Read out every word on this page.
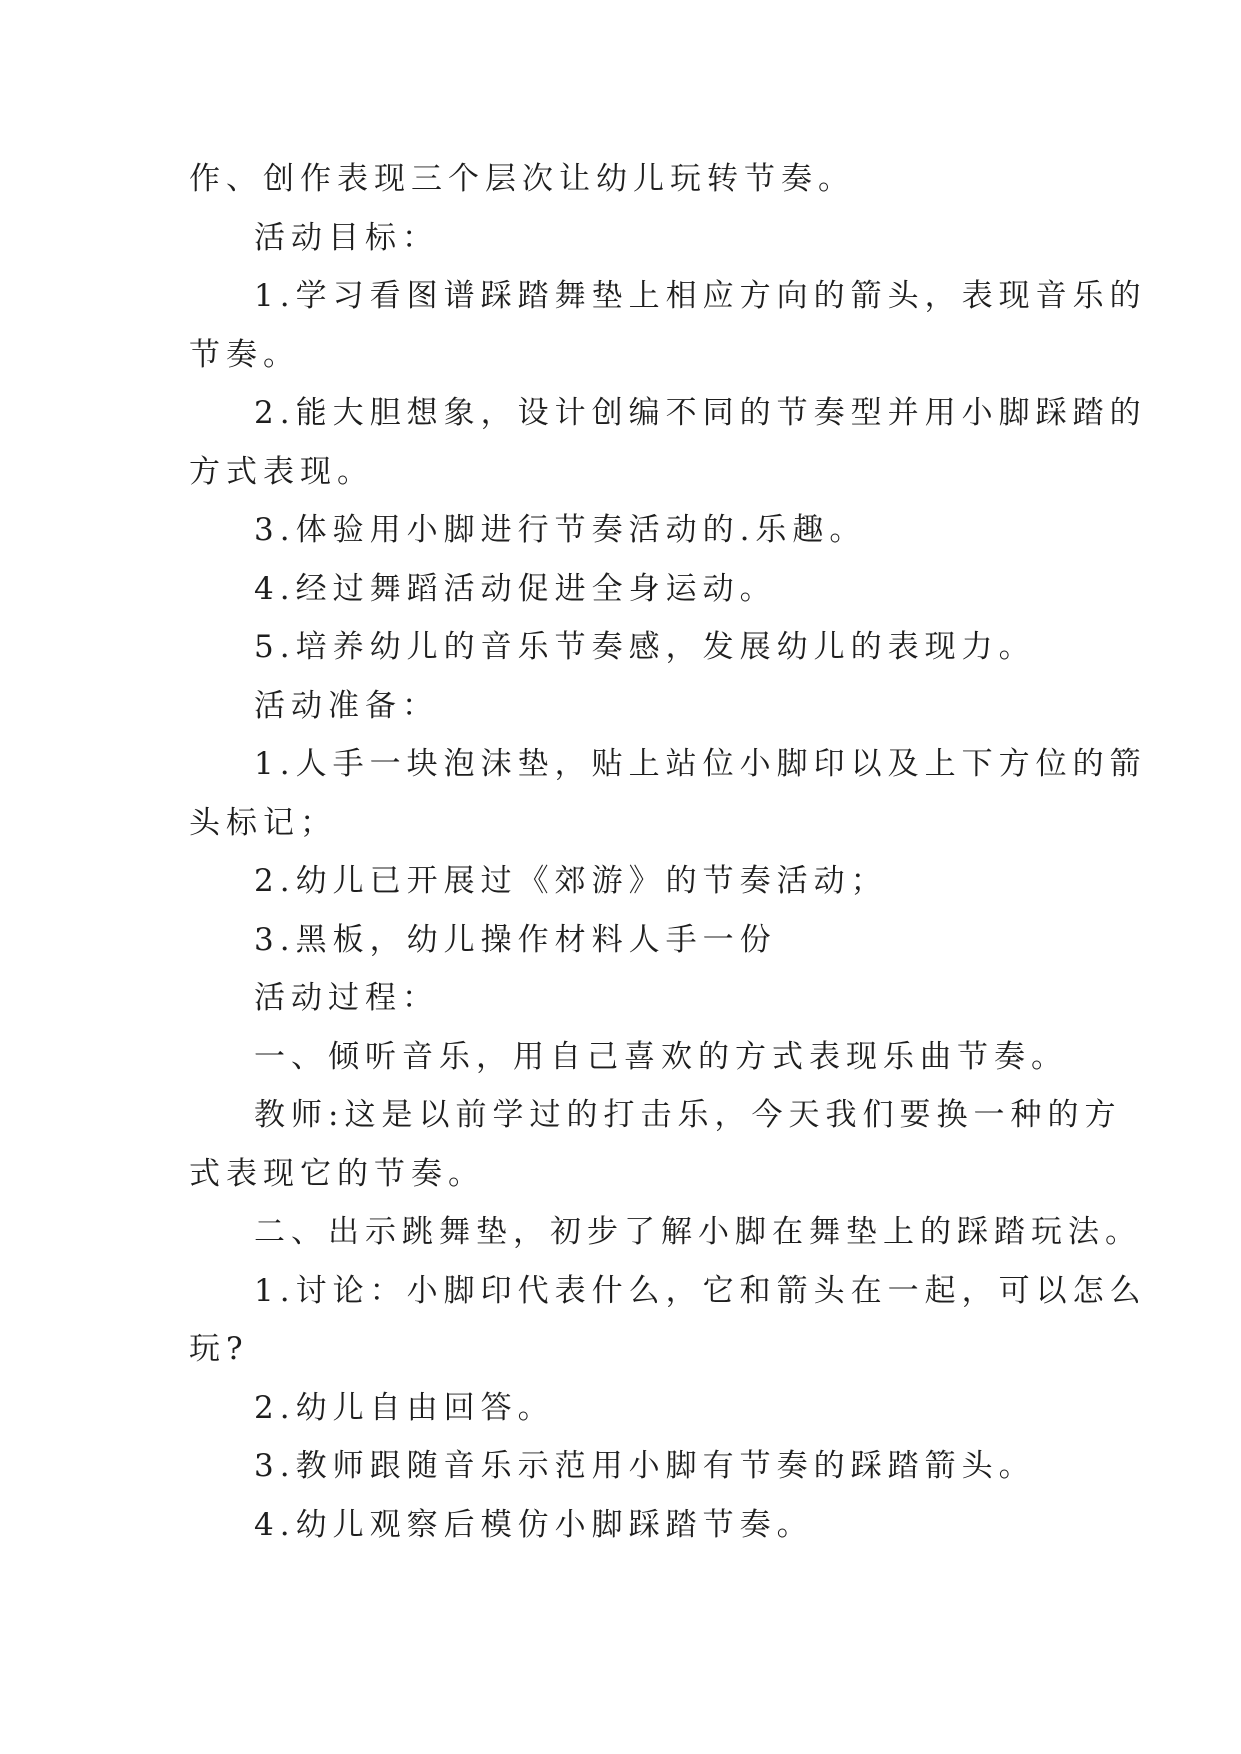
作、创作表现三个层次让幼儿玩转节奏。
活动目标：
1.学习看图谱踩踏舞垫上相应方向的箭头，表现音乐的
节奏。
2.能大胆想象，设计创编不同的节奏型并用小脚踩踏的
方式表现。
3.体验用小脚进行节奏活动的.乐趣。
4.经过舞蹈活动促进全身运动。
5.培养幼儿的音乐节奏感，发展幼儿的表现力。
活动准备：
1.人手一块泡沫垫，贴上站位小脚印以及上下方位的箭
头标记；
2.幼儿已开展过《郊游》的节奏活动；
3.黑板，幼儿操作材料人手一份
活动过程：
一、倾听音乐，用自己喜欢的方式表现乐曲节奏。
教师:这是以前学过的打击乐，今天我们要换一种的方
式表现它的节奏。
二、出示跳舞垫，初步了解小脚在舞垫上的踩踏玩法。
1.讨论：小脚印代表什么，它和箭头在一起，可以怎么
玩?
2.幼儿自由回答。
3.教师跟随音乐示范用小脚有节奏的踩踏箭头。
4.幼儿观察后模仿小脚踩踏节奏。
